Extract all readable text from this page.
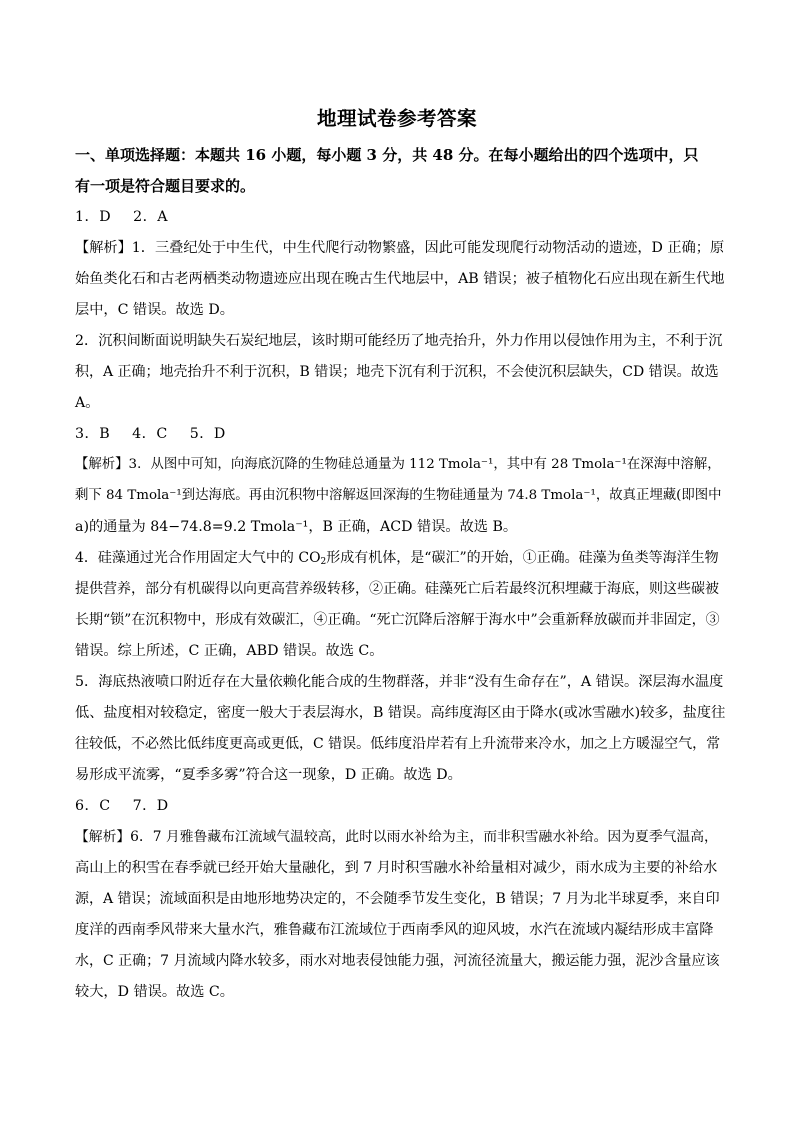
地理试卷参考答案
一、单项选择题：本题共 16 小题，每小题 3 分，共 48 分。在每小题给出的四个选项中，只
有一项是符合题目要求的。
1．D 2．A
【解析】1．三叠纪处于中生代，中生代爬行动物繁盛，因此可能发现爬行动物活动的遗迹，D 正确；原
始鱼类化石和古老两栖类动物遗迹应出现在晚古生代地层中，AB 错误；被子植物化石应出现在新生代地
层中，C 错误。故选 D。
2．沉积间断面说明缺失石炭纪地层，该时期可能经历了地壳抬升，外力作用以侵蚀作用为主，不利于沉
积，A 正确；地壳抬升不利于沉积，B 错误；地壳下沉有利于沉积，不会使沉积层缺失，CD 错误。故选
A。
3．B 4．C 5．D
【解析】3．从图中可知，向海底沉降的生物硅总通量为 112 Tmola⁻¹，其中有 28 Tmola⁻¹在深海中溶解，
剩下 84 Tmola⁻¹到达海底。再由沉积物中溶解返回深海的生物硅通量为 74.8 Tmola⁻¹，故真正埋藏(即图中
a)的通量为 84−74.8=9.2 Tmola⁻¹，B 正确，ACD 错误。故选 B。
4．硅藻通过光合作用固定大气中的 $CO_2$形成有机体，是“碳汇”的开始，①正确。硅藻为鱼类等海洋生物
提供营养，部分有机碳得以向更高营养级转移，②正确。硅藻死亡后若最终沉积埋藏于海底，则这些碳被
长期“锁”在沉积物中，形成有效碳汇，④正确。“死亡沉降后溶解于海水中”会重新释放碳而并非固定，③
错误。综上所述，C 正确，ABD 错误。故选 C。
5．海底热液喷口附近存在大量依赖化能合成的生物群落，并非“没有生命存在”，A 错误。深层海水温度
低、盐度相对较稳定，密度一般大于表层海水，B 错误。高纬度海区由于降水(或冰雪融水)较多，盐度往
往较低，不必然比低纬度更高或更低，C 错误。低纬度沿岸若有上升流带来冷水，加之上方暖湿空气，常
易形成平流雾，“夏季多雾”符合这一现象，D 正确。故选 D。
6．C 7．D
【解析】6．7 月雅鲁藏布江流域气温较高，此时以雨水补给为主，而非积雪融水补给。因为夏季气温高，
高山上的积雪在春季就已经开始大量融化，到 7 月时积雪融水补给量相对减少，雨水成为主要的补给水
源，A 错误；流域面积是由地形地势决定的，不会随季节发生变化，B 错误；7 月为北半球夏季，来自印
度洋的西南季风带来大量水汽，雅鲁藏布江流域位于西南季风的迎风坡，水汽在流域内凝结形成丰富降
水，C 正确；7 月流域内降水较多，雨水对地表侵蚀能力强，河流径流量大，搬运能力强，泥沙含量应该
较大，D 错误。故选 C。
